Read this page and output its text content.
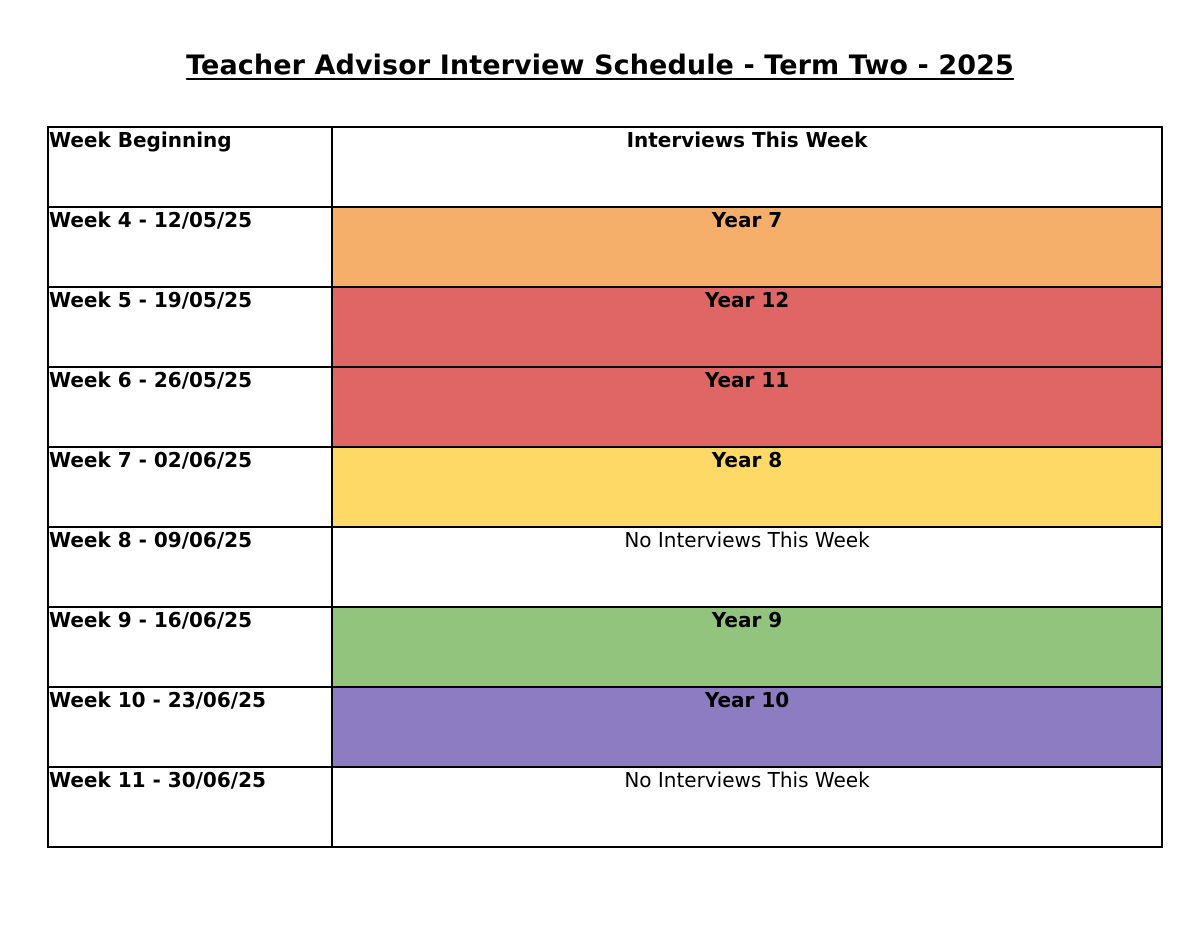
Teacher Advisor Interview Schedule - Term Two - 2025
Week Beginning	Interviews This Week
Week 4 - 12/05/25	Year 7
Week 5 - 19/05/25	Year 12
Week 6 - 26/05/25	Year 11
Week 7 - 02/06/25	Year 8
Week 8 - 09/06/25	No Interviews This Week
Week 9 - 16/06/25	Year 9
Week 10 - 23/06/25	Year 10
Week 11 - 30/06/25	No Interviews This Week
